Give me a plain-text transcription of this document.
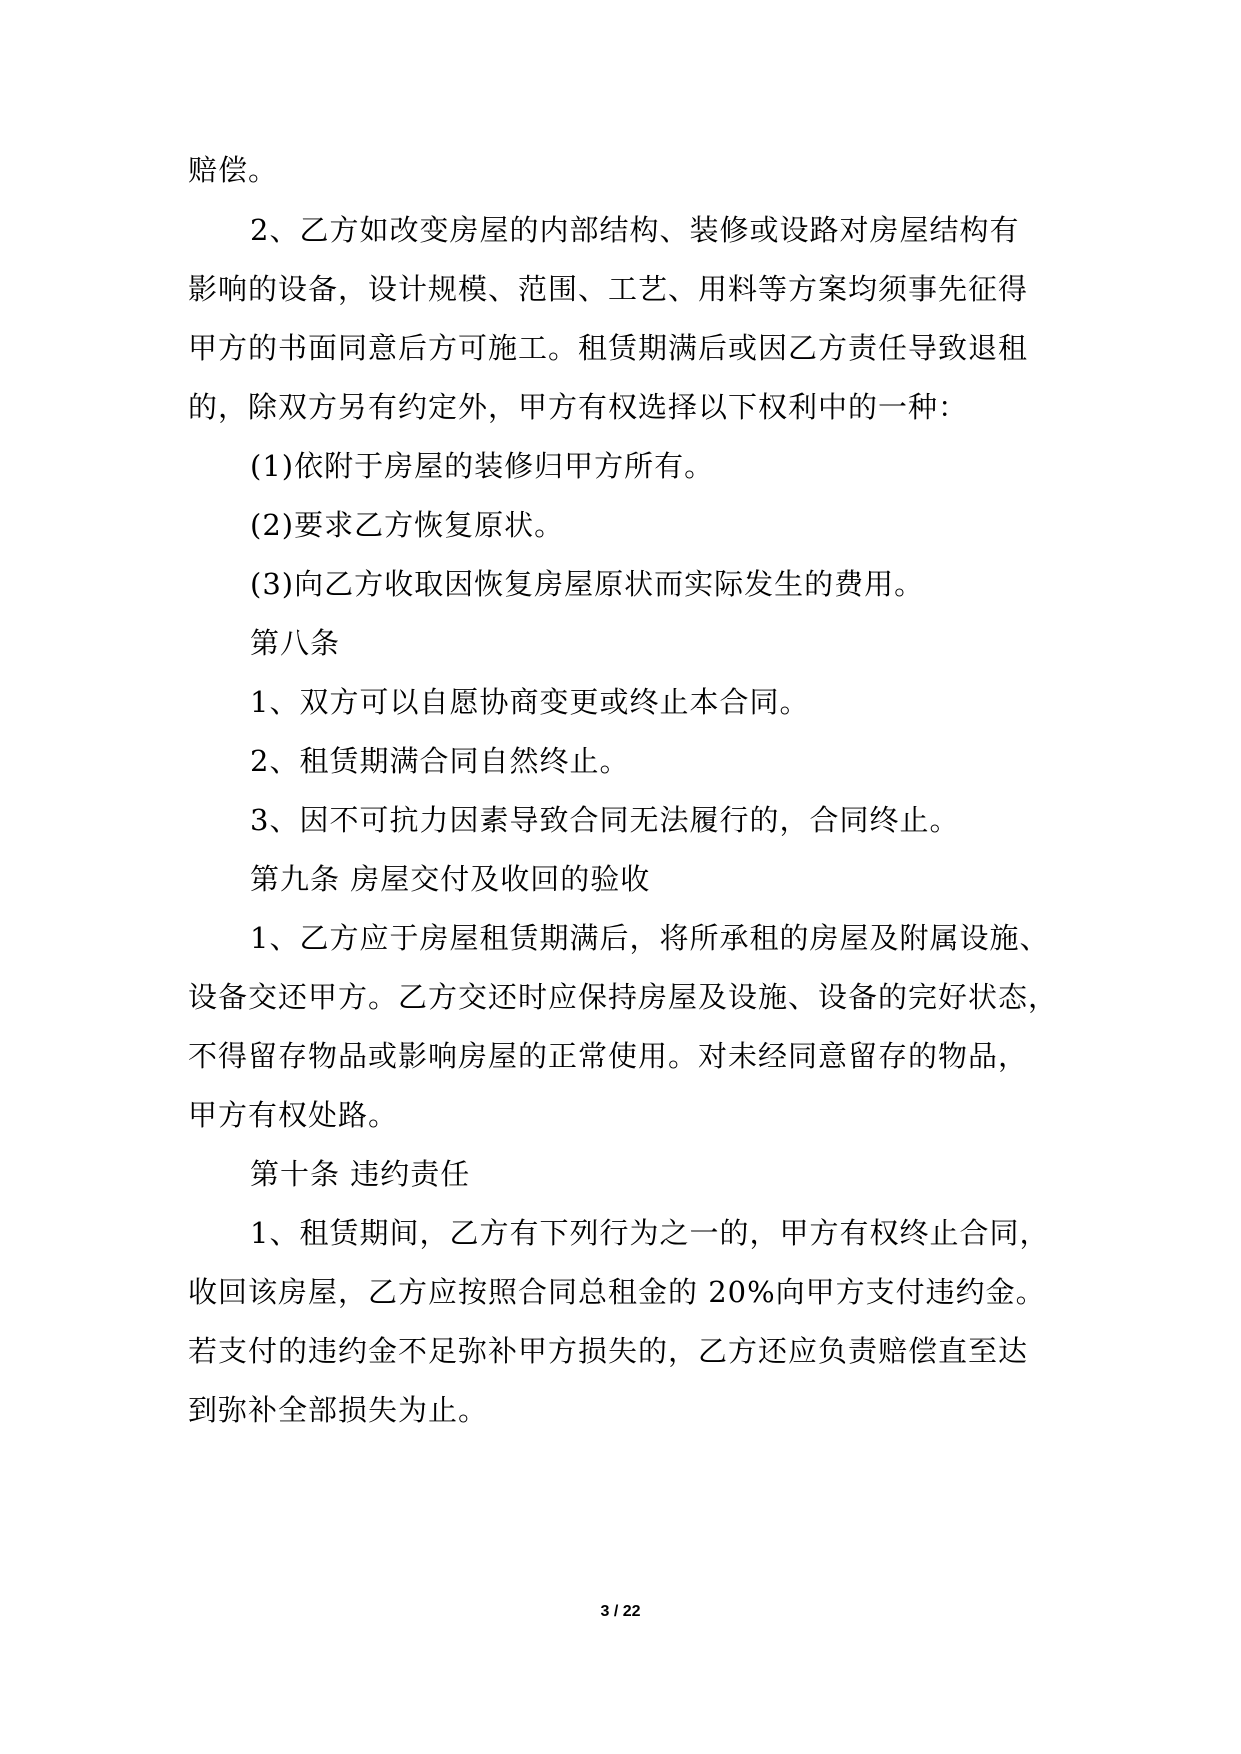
赔偿。
2、乙方如改变房屋的内部结构、装修或设路对房屋结构有
影响的设备，设计规模、范围、工艺、用料等方案均须事先征得
甲方的书面同意后方可施工。租赁期满后或因乙方责任导致退租
的，除双方另有约定外，甲方有权选择以下权利中的一种：
(1)依附于房屋的装修归甲方所有。
(2)要求乙方恢复原状。
(3)向乙方收取因恢复房屋原状而实际发生的费用。
第八条
1、双方可以自愿协商变更或终止本合同。
2、租赁期满合同自然终止。
3、因不可抗力因素导致合同无法履行的，合同终止。
第九条 房屋交付及收回的验收
1、乙方应于房屋租赁期满后，将所承租的房屋及附属设施、
设备交还甲方。乙方交还时应保持房屋及设施、设备的完好状态，
不得留存物品或影响房屋的正常使用。对未经同意留存的物品，
甲方有权处路。
第十条 违约责任
1、租赁期间，乙方有下列行为之一的，甲方有权终止合同，
收回该房屋，乙方应按照合同总租金的 20%向甲方支付违约金。
若支付的违约金不足弥补甲方损失的，乙方还应负责赔偿直至达
到弥补全部损失为止。
3 / 22
